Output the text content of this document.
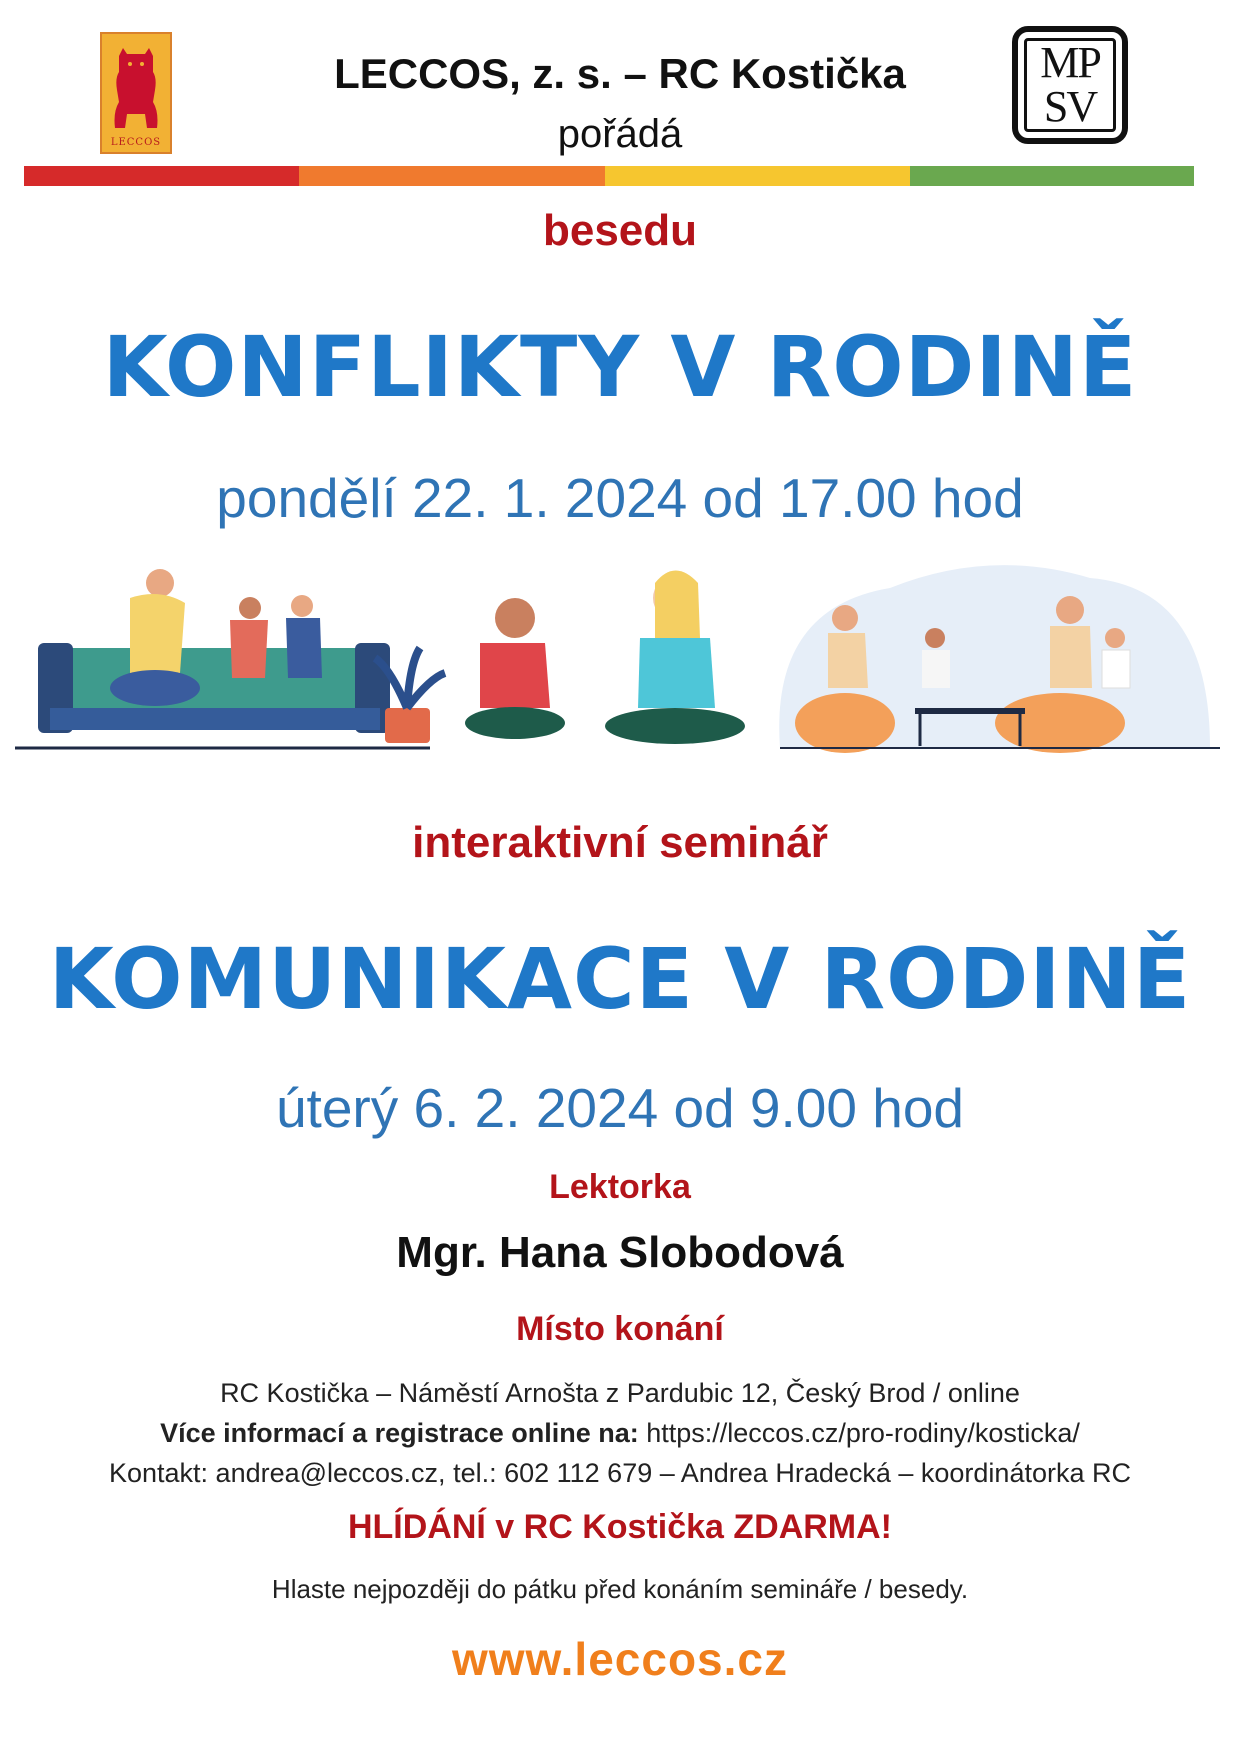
LECCOS
LECCOS, z. s. – RC Kostička
pořádá
MP
SV
besedu
KONFLIKTY V RODINĚ
pondělí 22. 1. 2024 od 17.00 hod
interaktivní seminář
KOMUNIKACE V RODINĚ
úterý 6. 2. 2024 od 9.00 hod
Lektorka
Mgr. Hana Slobodová
Místo konání
RC Kostička – Náměstí Arnošta z Pardubic 12, Český Brod / online
Více informací a registrace online na: https://leccos.cz/pro-rodiny/kosticka/
Kontakt: andrea@leccos.cz, tel.: 602 112 679 – Andrea Hradecká – koordinátorka RC
HLÍDÁNÍ v RC Kostička ZDARMA!
Hlaste nejpozději do pátku před konáním semináře / besedy.
www.leccos.cz
